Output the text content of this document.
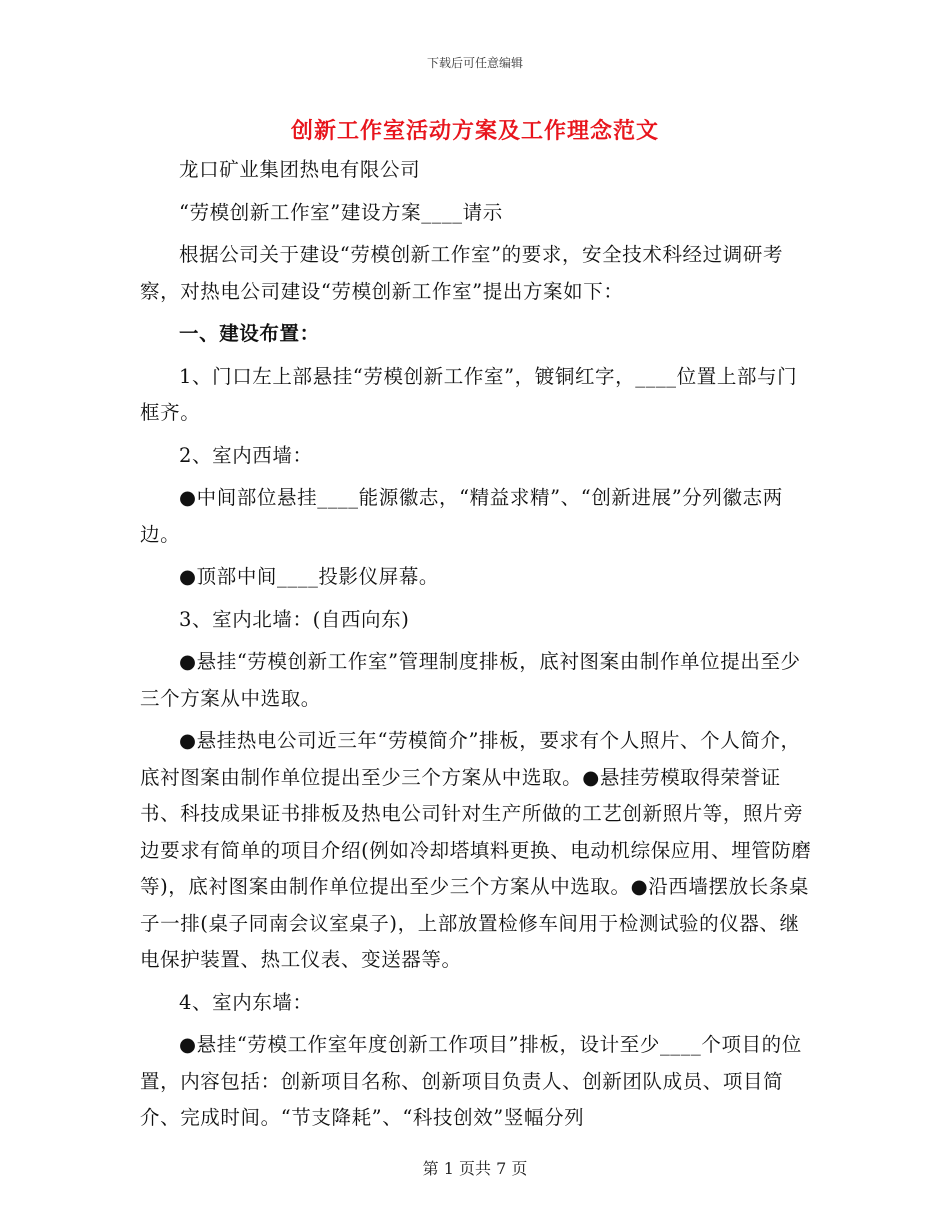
下载后可任意编辑
创新工作室活动方案及工作理念范文

龙口矿业集团热电有限公司

“劳模创新工作室”建设方案____请示

根据公司关于建设“劳模创新工作室”的要求，安全技术科经过调研考察，对热电公司建设“劳模创新工作室”提出方案如下：

一、建设布置：

1、门口左上部悬挂“劳模创新工作室”，镀铜红字，____位置上部与门框齐。

2、室内西墙：

●中间部位悬挂____能源徽志，“精益求精”、“创新进展”分列徽志两边。

●顶部中间____投影仪屏幕。

3、室内北墙：(自西向东)

●悬挂“劳模创新工作室”管理制度排板，底衬图案由制作单位提出至少三个方案从中选取。

●悬挂热电公司近三年“劳模简介”排板，要求有个人照片、个人简介，底衬图案由制作单位提出至少三个方案从中选取。●悬挂劳模取得荣誉证书、科技成果证书排板及热电公司针对生产所做的工艺创新照片等，照片旁边要求有简单的项目介绍(例如冷却塔填料更换、电动机综保应用、埋管防磨等)，底衬图案由制作单位提出至少三个方案从中选取。●沿西墙摆放长条桌子一排(桌子同南会议室桌子)，上部放置检修车间用于检测试验的仪器、继电保护装置、热工仪表、变送器等。

4、室内东墙：

●悬挂“劳模工作室年度创新工作项目”排板，设计至少____个项目的位置，内容包括：创新项目名称、创新项目负责人、创新团队成员、项目简介、完成时间。“节支降耗”、“科技创效”竖幅分列

第 1 页共 7 页
